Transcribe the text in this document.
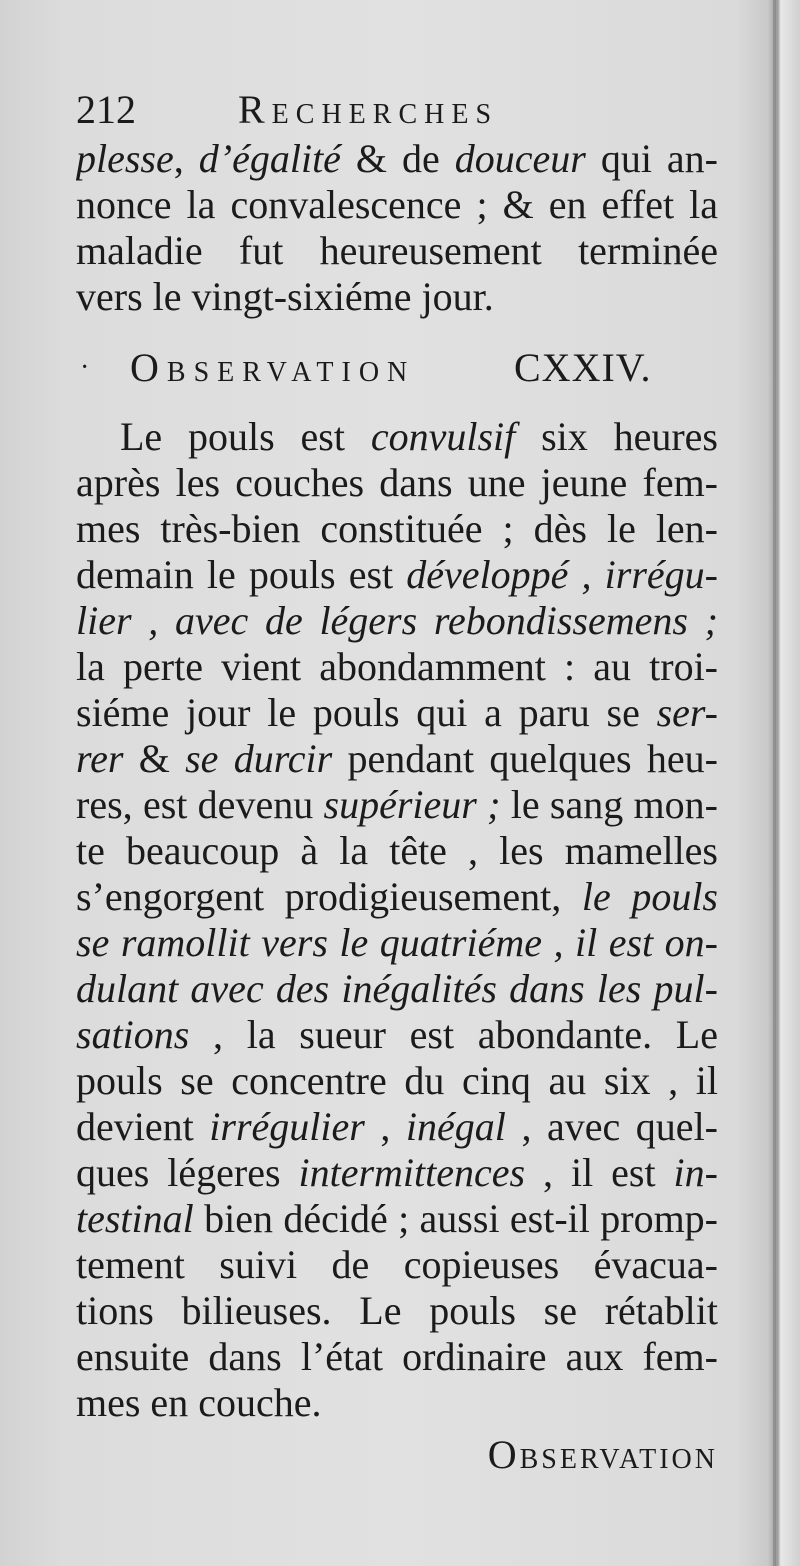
212	Recherches
plesse, d’égalité & de douceur qui an-
nonce la convalescence ; & en effet la
maladie fut heureusement terminée
vers le vingt-sixiéme jour.
· Observation CXXIV.
Le pouls est convulsif six heures
après les couches dans une jeune fem-
mes très-bien constituée ; dès le len-
demain le pouls est développé , irrégu-
lier , avec de légers rebondissemens ;
la perte vient abondamment : au troi-
siéme jour le pouls qui a paru se ser-
rer & se durcir pendant quelques heu-
res, est devenu supérieur ; le sang mon-
te beaucoup à la tête , les mamelles
s’engorgent prodigieusement, le pouls
se ramollit vers le quatriéme , il est on-
dulant avec des inégalités dans les pul-
sations , la sueur est abondante. Le
pouls se concentre du cinq au six , il
devient irrégulier , inégal , avec quel-
ques légeres intermittences , il est in-
testinal bien décidé ; aussi est-il promp-
tement suivi de copieuses évacua-
tions bilieuses. Le pouls se rétablit
ensuite dans l’état ordinaire aux fem-
mes en couche.
Observation
